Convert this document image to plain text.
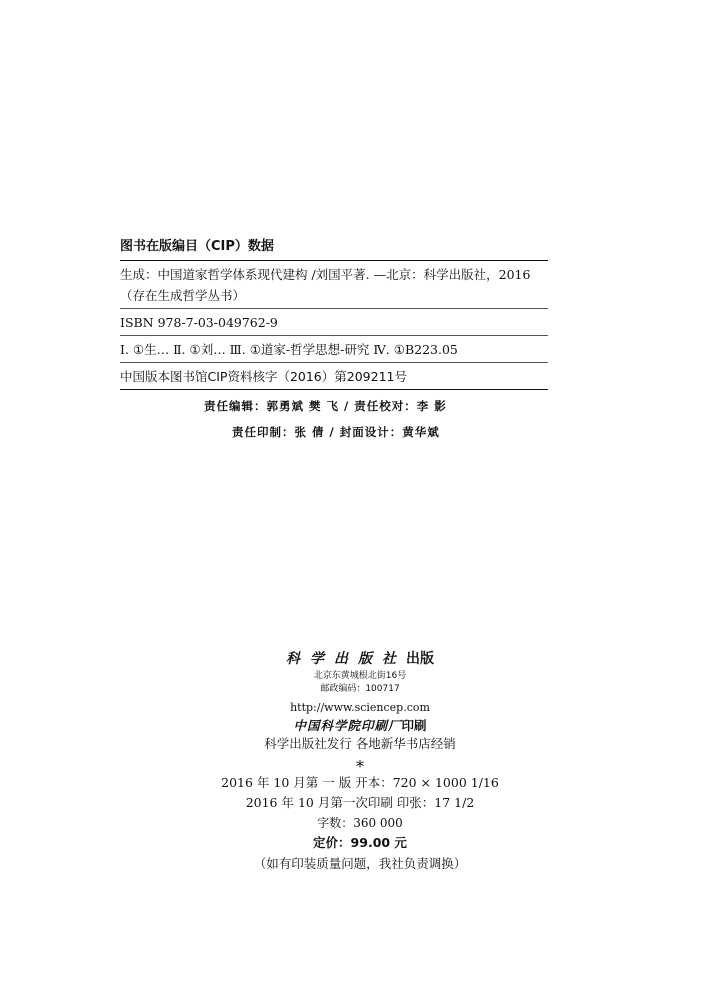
图书在版编目（CIP）数据
生成：中国道家哲学体系现代建构 /刘国平著. —北京：科学出版社，2016
（存在生成哲学丛书）
ISBN 978-7-03-049762-9
Ⅰ. ①生… Ⅱ. ①刘… Ⅲ. ①道家-哲学思想-研究 Ⅳ. ①B223.05
中国版本图书馆CIP资料核字（2016）第209211号
责任编辑：郭勇斌 樊 飞 / 责任校对：李 影
责任印制：张 倩 / 封面设计：黄华斌
科学出版社出版
北京东黄城根北街16号
邮政编码：100717
http://www.sciencep.com
中国科学院印刷厂印刷
科学出版社发行 各地新华书店经销
*
2016 年 10 月第 一 版 开本：720 × 1000 1/16
2016 年 10 月第一次印刷 印张：17 1/2
字数：360 000
定价：99.00 元
（如有印装质量问题，我社负责调换）
